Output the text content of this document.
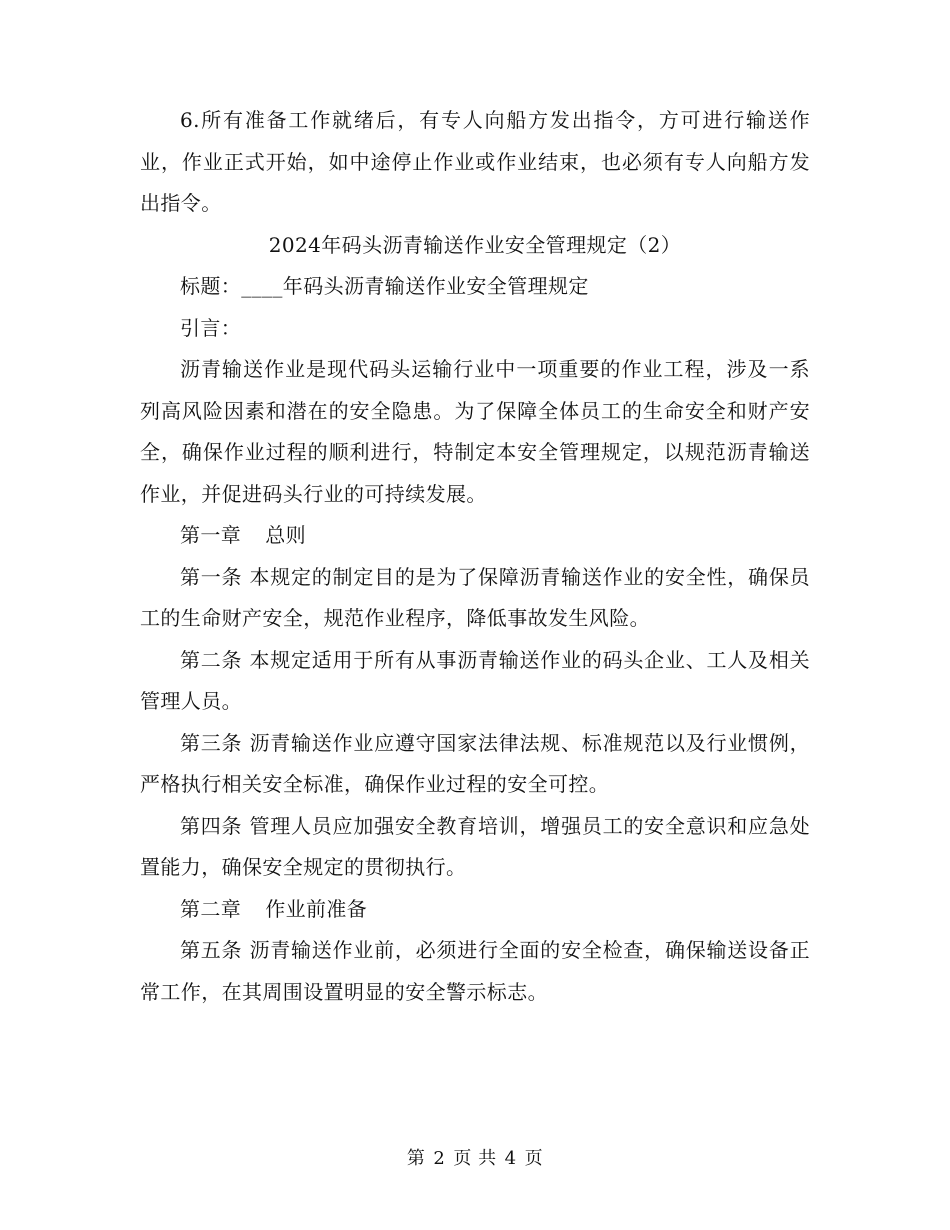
6.所有准备工作就绪后，有专人向船方发出指令，方可进行输送作业，作业正式开始，如中途停止作业或作业结束，也必须有专人向船方发出指令。

2024年码头沥青输送作业安全管理规定（2）

标题：____年码头沥青输送作业安全管理规定

引言：

沥青输送作业是现代码头运输行业中一项重要的作业工程，涉及一系列高风险因素和潜在的安全隐患。为了保障全体员工的生命安全和财产安全，确保作业过程的顺利进行，特制定本安全管理规定，以规范沥青输送作业，并促进码头行业的可持续发展。

第一章 总则

第一条 本规定的制定目的是为了保障沥青输送作业的安全性，确保员工的生命财产安全，规范作业程序，降低事故发生风险。

第二条 本规定适用于所有从事沥青输送作业的码头企业、工人及相关管理人员。

第三条 沥青输送作业应遵守国家法律法规、标准规范以及行业惯例，严格执行相关安全标准，确保作业过程的安全可控。

第四条 管理人员应加强安全教育培训，增强员工的安全意识和应急处置能力，确保安全规定的贯彻执行。

第二章 作业前准备

第五条 沥青输送作业前，必须进行全面的安全检查，确保输送设备正常工作，在其周围设置明显的安全警示标志。

第 2 页 共 4 页
